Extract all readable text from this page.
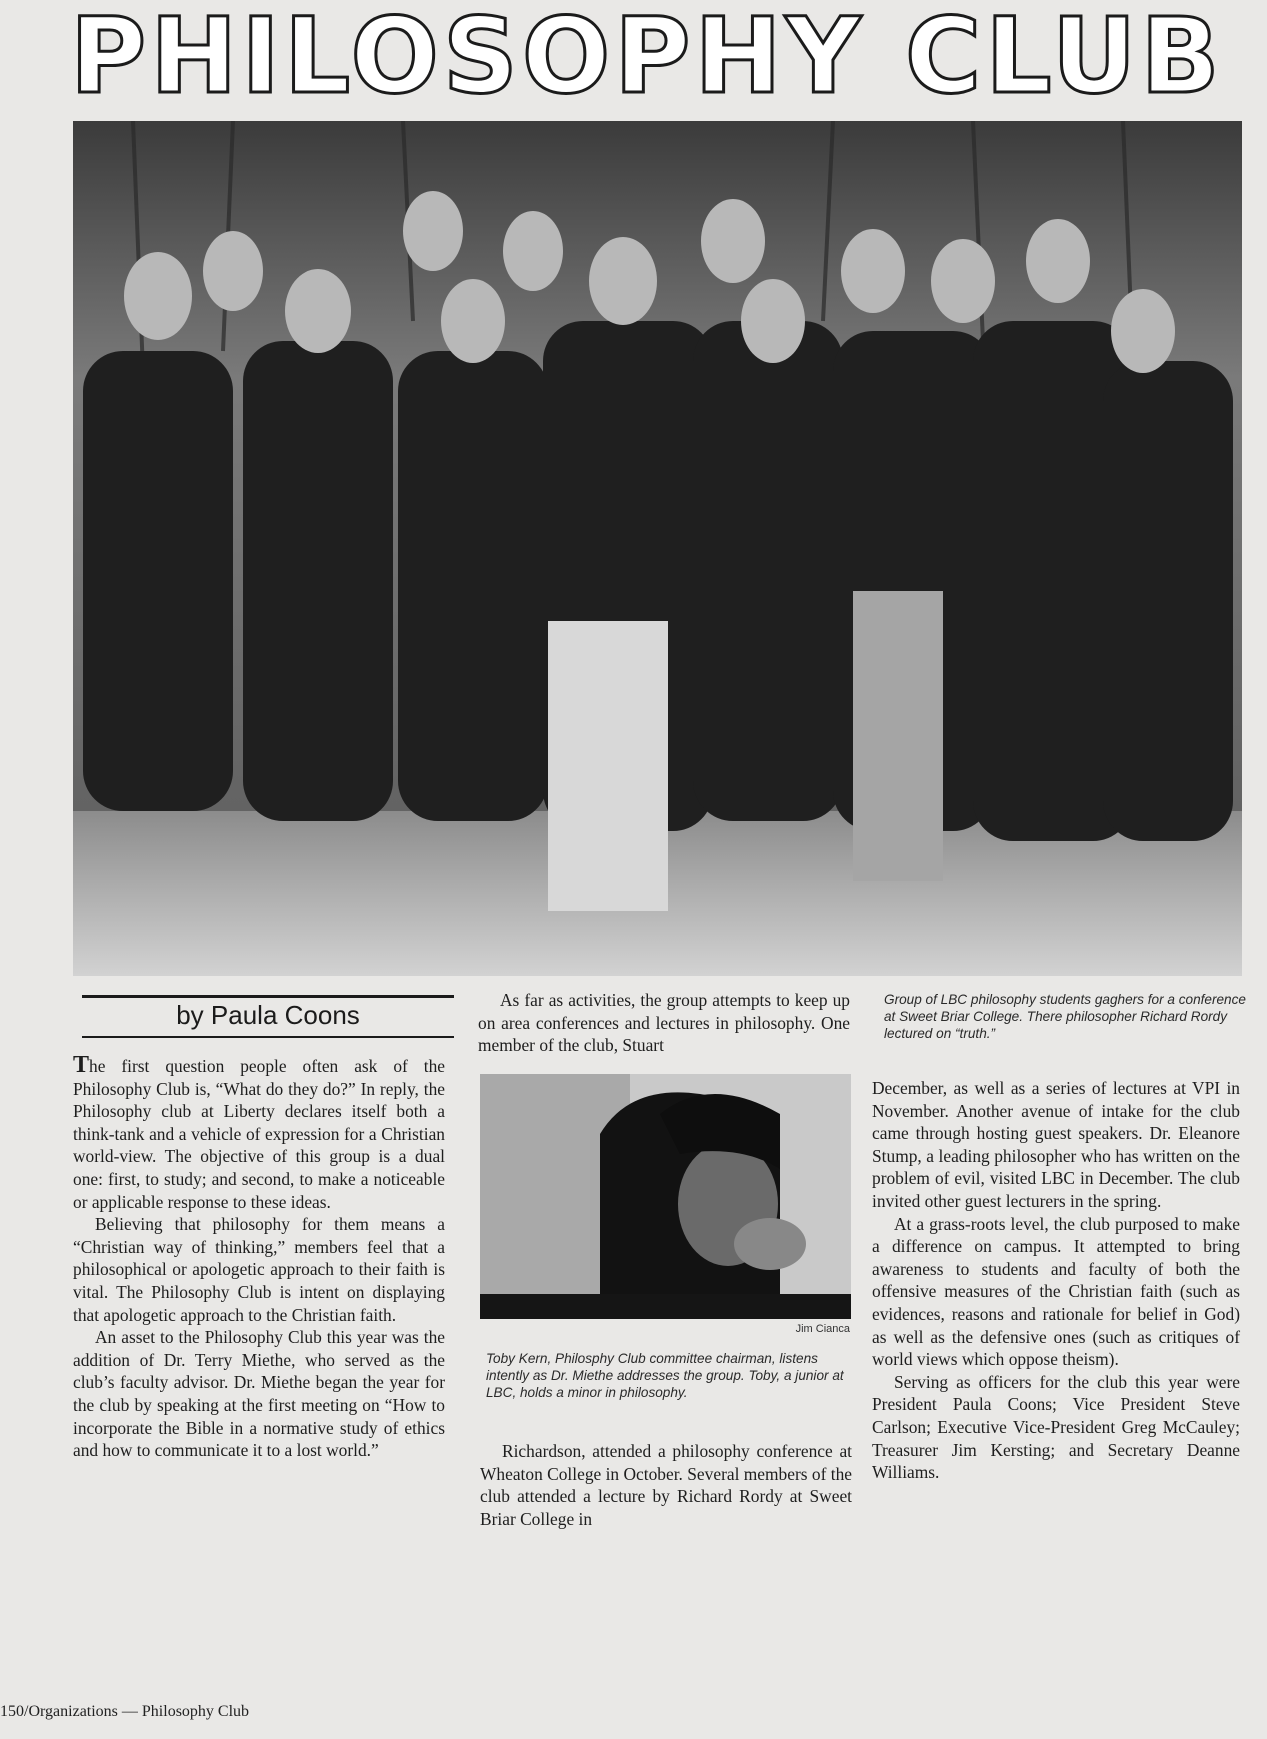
PHILOSOPHY CLUB

by Paula Coons

The first question people often ask of the Philosophy Club is, “What do they do?” In reply, the Philosophy club at Liberty declares itself both a think-tank and a vehicle of expression for a Christian world-view. The objective of this group is a dual one: first, to study; and second, to make a noticeable or applicable response to these ideas.

Believing that philosophy for them means a “Christian way of thinking,” members feel that a philosophical or apologetic approach to their faith is vital. The Philosophy Club is intent on displaying that apologetic approach to the Christian faith.

An asset to the Philosophy Club this year was the addition of Dr. Terry Miethe, who served as the club’s faculty advisor. Dr. Miethe began the year for the club by speaking at the first meeting on “How to incorporate the Bible in a normative study of ethics and how to communicate it to a lost world.”

As far as activities, the group attempts to keep up on area conferences and lectures in philosophy. One member of the club, Stuart

Jim Cianca

Toby Kern, Philosphy Club committee chairman, listens intently as Dr. Miethe addresses the group. Toby, a junior at LBC, holds a minor in philosophy.

Richardson, attended a philosophy conference at Wheaton College in October. Several members of the club attended a lecture by Richard Rordy at Sweet Briar College in

Group of LBC philosophy students gaghers for a conference at Sweet Briar College. There philosopher Richard Rordy lectured on “truth.”

December, as well as a series of lectures at VPI in November. Another avenue of intake for the club came through hosting guest speakers. Dr. Eleanore Stump, a leading philosopher who has written on the problem of evil, visited LBC in December. The club invited other guest lecturers in the spring.

At a grass-roots level, the club purposed to make a difference on campus. It attempted to bring awareness to students and faculty of both the offensive measures of the Christian faith (such as evidences, reasons and rationale for belief in God) as well as the defensive ones (such as critiques of world views which oppose theism).

Serving as officers for the club this year were President Paula Coons; Vice President Steve Carlson; Executive Vice-President Greg McCauley; Treasurer Jim Kersting; and Secretary Deanne Williams.

150/Organizations — Philosophy Club
